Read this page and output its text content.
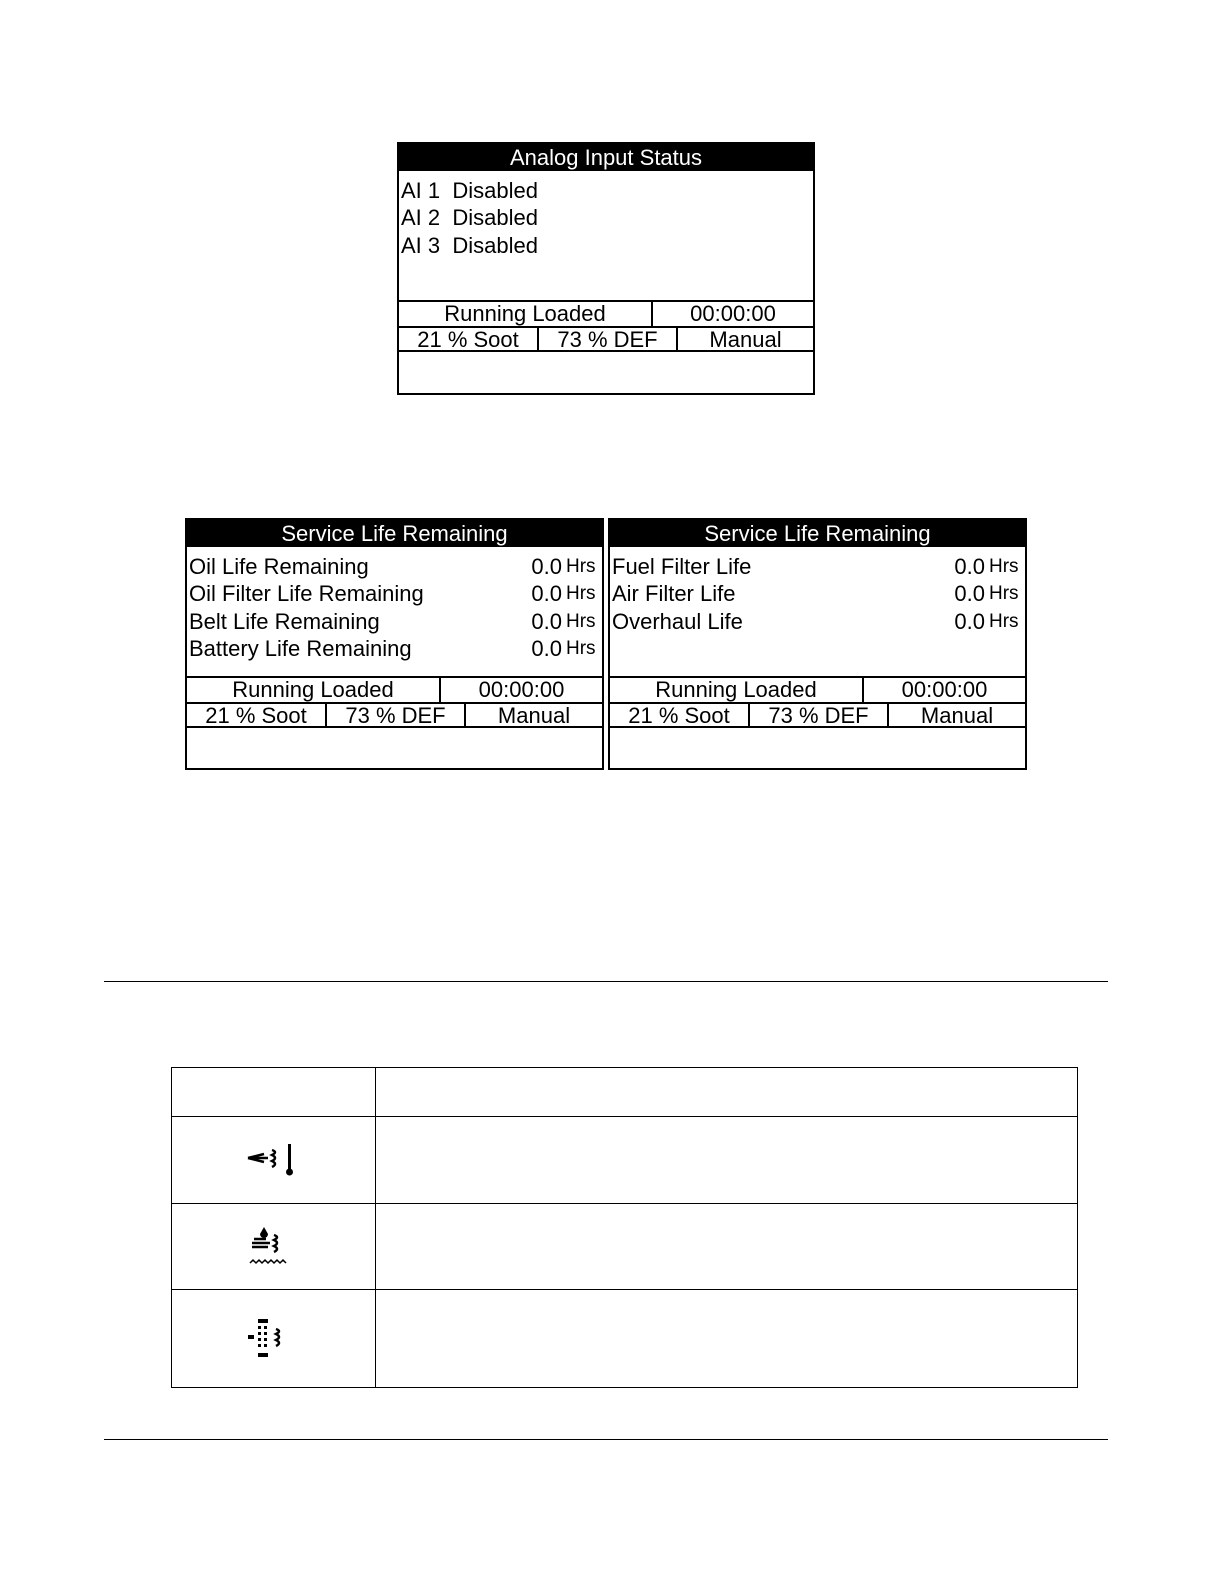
Analog Input Status
AI 1  Disabled
AI 2  Disabled
AI 3  Disabled
Running Loaded	00:00:00
21 % Soot	73 % DEF	Manual
Service Life Remaining
Oil Life Remaining	0.0 Hrs
Oil Filter Life Remaining	0.0 Hrs
Belt Life Remaining	0.0 Hrs
Battery Life Remaining	0.0 Hrs
Running Loaded	00:00:00
21 % Soot	73 % DEF	Manual
Service Life Remaining
Fuel Filter Life	0.0 Hrs
Air Filter Life	0.0 Hrs
Overhaul Life	0.0 Hrs
Running Loaded	00:00:00
21 % Soot	73 % DEF	Manual
